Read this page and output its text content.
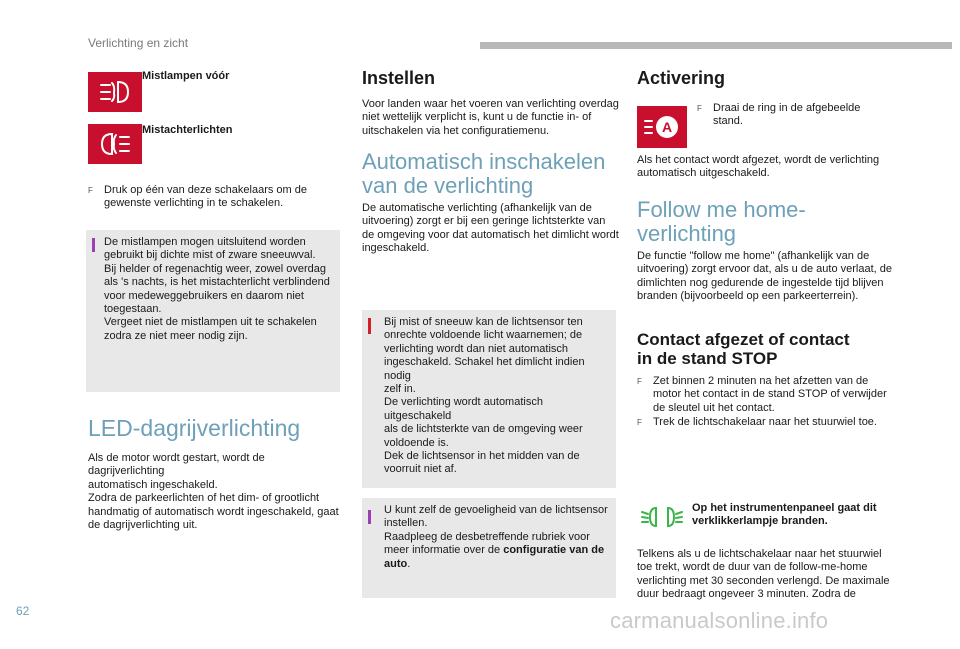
Verlichting en zicht
Mistlampen vóór
Mistachterlichten
F	Druk op één van deze schakelaars om de gewenste verlichting in te schakelen.
De mistlampen mogen uitsluitend worden
gebruikt bij dichte mist of zware sneeuwval.
Bij helder of regenachtig weer, zowel overdag
als 's nachts, is het mistachterlicht verblindend
voor medeweggebruikers en daarom niet
toegestaan.
Vergeet niet de mistlampen uit te schakelen
zodra ze niet meer nodig zijn.
LED-dagrijverlichting
Als de motor wordt gestart, wordt de dagrijverlichting
automatisch ingeschakeld.
Zodra de parkeerlichten of het dim- of grootlicht
handmatig of automatisch wordt ingeschakeld, gaat
de dagrijverlichting uit.
Instellen
Voor landen waar het voeren van verlichting overdag
niet wettelijk verplicht is, kunt u de functie in- of
uitschakelen via het configuratiemenu.
Automatisch inschakelen
van de verlichting
De automatische verlichting (afhankelijk van de
uitvoering) zorgt er bij een geringe lichtsterkte van
de omgeving voor dat automatisch het dimlicht wordt
ingeschakeld.
Bij mist of sneeuw kan de lichtsensor ten
onrechte voldoende licht waarnemen; de
verlichting wordt dan niet automatisch
ingeschakeld. Schakel het dimlicht indien nodig
zelf in.
De verlichting wordt automatisch uitgeschakeld
als de lichtsterkte van de omgeving weer
voldoende is.
Dek de lichtsensor in het midden van de
voorruit niet af.
U kunt zelf de gevoeligheid van de lichtsensor
instellen.
Raadpleeg de desbetreffende rubriek voor
meer informatie over de configuratie van de
auto.
Activering
A
F	Draai de ring in de afgebeelde
stand.
Als het contact wordt afgezet, wordt de verlichting
automatisch uitgeschakeld.
Follow me home-
verlichting
De functie "follow me home" (afhankelijk van de
uitvoering) zorgt ervoor dat, als u de auto verlaat, de
dimlichten nog gedurende de ingestelde tijd blijven
branden (bijvoorbeeld op een parkeerterrein).
Contact afgezet of contact
in de stand STOP
F	Zet binnen 2 minuten na het afzetten van de
motor het contact in de stand STOP of verwijder
de sleutel uit het contact.
F	Trek de lichtschakelaar naar het stuurwiel toe.
Op het instrumentenpaneel gaat dit
verklikkerlampje branden.
Telkens als u de lichtschakelaar naar het stuurwiel
toe trekt, wordt de duur van de follow-me-home
verlichting met 30 seconden verlengd. De maximale
duur bedraagt ongeveer 3 minuten. Zodra de
62	carmanualsonline.info
